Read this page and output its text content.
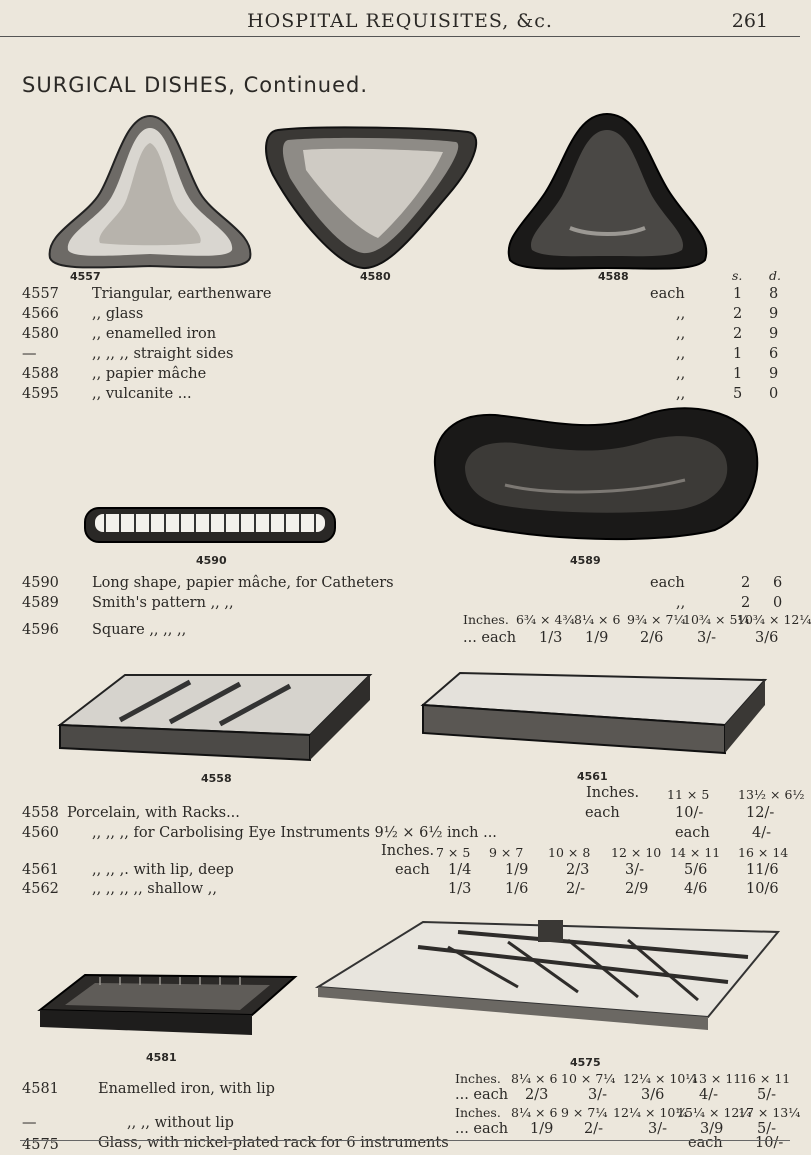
HOSPITAL REQUISITES, &c.	261
SURGICAL DISHES, Continued.
4557	4580	4588	s. d.
4557 Triangular, earthenware	each	1 8
4566 ,, glass	,,	2 9
4580 ,, enamelled iron	,,	2 9
—	,, ,, ,, straight sides	,,	1 6
4588 ,, papier mâche	,,	1 9
4595 ,, vulcanite ...	,,	5 0
4590	4589
4590 Long shape, papier mâche, for Catheters	each	2 6
4589 Smith's pattern ,, ,,	,,	2 0
4596 Square ,, ,, ,,
Inches. 6¾ × 4¾ 8¼ × 6 9¾ × 7¼
10¾ × 5¼
10¾ × 12¼
... each 1/3 1/9 2/6 3/-	3/6
4558	4561
Inches. 11 × 5 13½ × 6½
4558 Porcelain, with Racks...	each	10/-	12/-
4560 ,, ,, ,, for Carbolising Eye Instruments 9½ × 6½ inch ...	each	4/-
Inches. 7 × 5 9 × 7 10 × 8 12 × 10 14 × 11 16 × 14
4561 ,, ,, ,. with lip, deep	each 1/4 1/9	2/3 3/-	5/6	11/6
4562 ,, ,, ,, ,, shallow ,,	1/3 1/6	2/-	2/9 4/6	10/6
4581	4575
Inches. 8¼ × 6 10 × 7¼ 12¼ × 10¼
13 × 11
16 × 11
4581	Enamelled iron, with lip	... each 2/3	3/- 3/6 4/-	5/-
Inches. 8¼ × 6 9 × 7¼ 12¼ × 10¼
15¼ × 12¼
17 × 13¼
—	,, ,, without lip	... each 1/9 2/-	3/- 3/9 5/-
4575	Glass, with nickel-plated rack for 6 instruments	each 10/-
